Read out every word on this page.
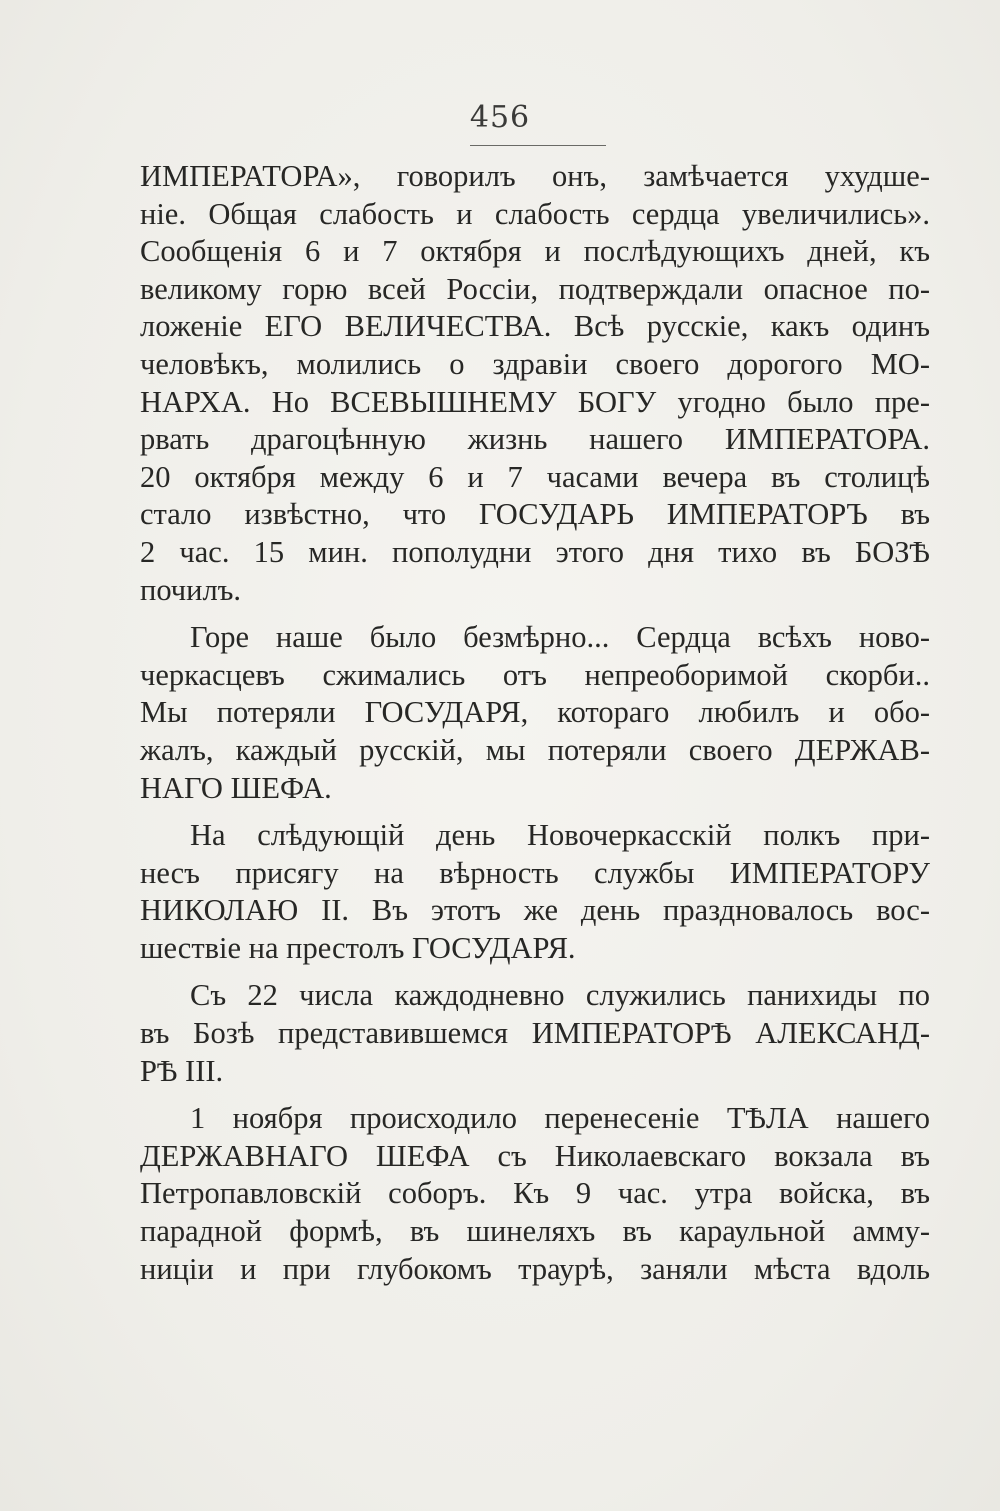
456

ИМПЕРАТОРА», говорилъ онъ, замѣчается ухудше-
ніе. Общая слабость и слабость сердца увеличились».
Сообщенія 6 и 7 октября и послѣдующихъ дней, къ
великому горю всей Россіи, подтверждали опасное по-
ложеніе ЕГО ВЕЛИЧЕСТВА. Всѣ русскіе, какъ одинъ
человѣкъ, молились о здравіи своего дорогого МО-
НАРХА. Но ВСЕВЫШНЕМУ БОГУ угодно было пре-
рвать драгоцѣнную жизнь нашего ИМПЕРАТОРА.
20 октября между 6 и 7 часами вечера въ столицѣ
стало извѣстно, что ГОСУДАРЬ ИМПЕРАТОРЪ въ
2 час. 15 мин. пополудни этого дня тихо въ БОЗѢ
почилъ.

Горе наше было безмѣрно... Сердца всѣхъ ново-
черкасцевъ сжимались отъ непреоборимой скорби..
Мы потеряли ГОСУДАРЯ, котораго любилъ и обо-
жалъ, каждый русскій, мы потеряли своего ДЕРЖАВ-
НАГО ШЕФА.

На слѣдующій день Новочеркасскій полкъ при-
несъ присягу на вѣрность службы ИМПЕРАТОРУ
НИКОЛАЮ II. Въ этотъ же день праздновалось вос-
шествіе на престолъ ГОСУДАРЯ.

Съ 22 числа каждодневно служились панихиды по
въ Бозѣ представившемся ИМПЕРАТОРѢ АЛЕКСАНД-
РѢ III.

1 ноября происходило перенесеніе ТѢЛА нашего
ДЕРЖАВНАГО ШЕФА съ Николаевскаго вокзала въ
Петропавловскій соборъ. Къ 9 час. утра войска, въ
парадной формѣ, въ шинеляхъ въ караульной амму-
ниціи и при глубокомъ траурѣ, заняли мѣста вдоль
